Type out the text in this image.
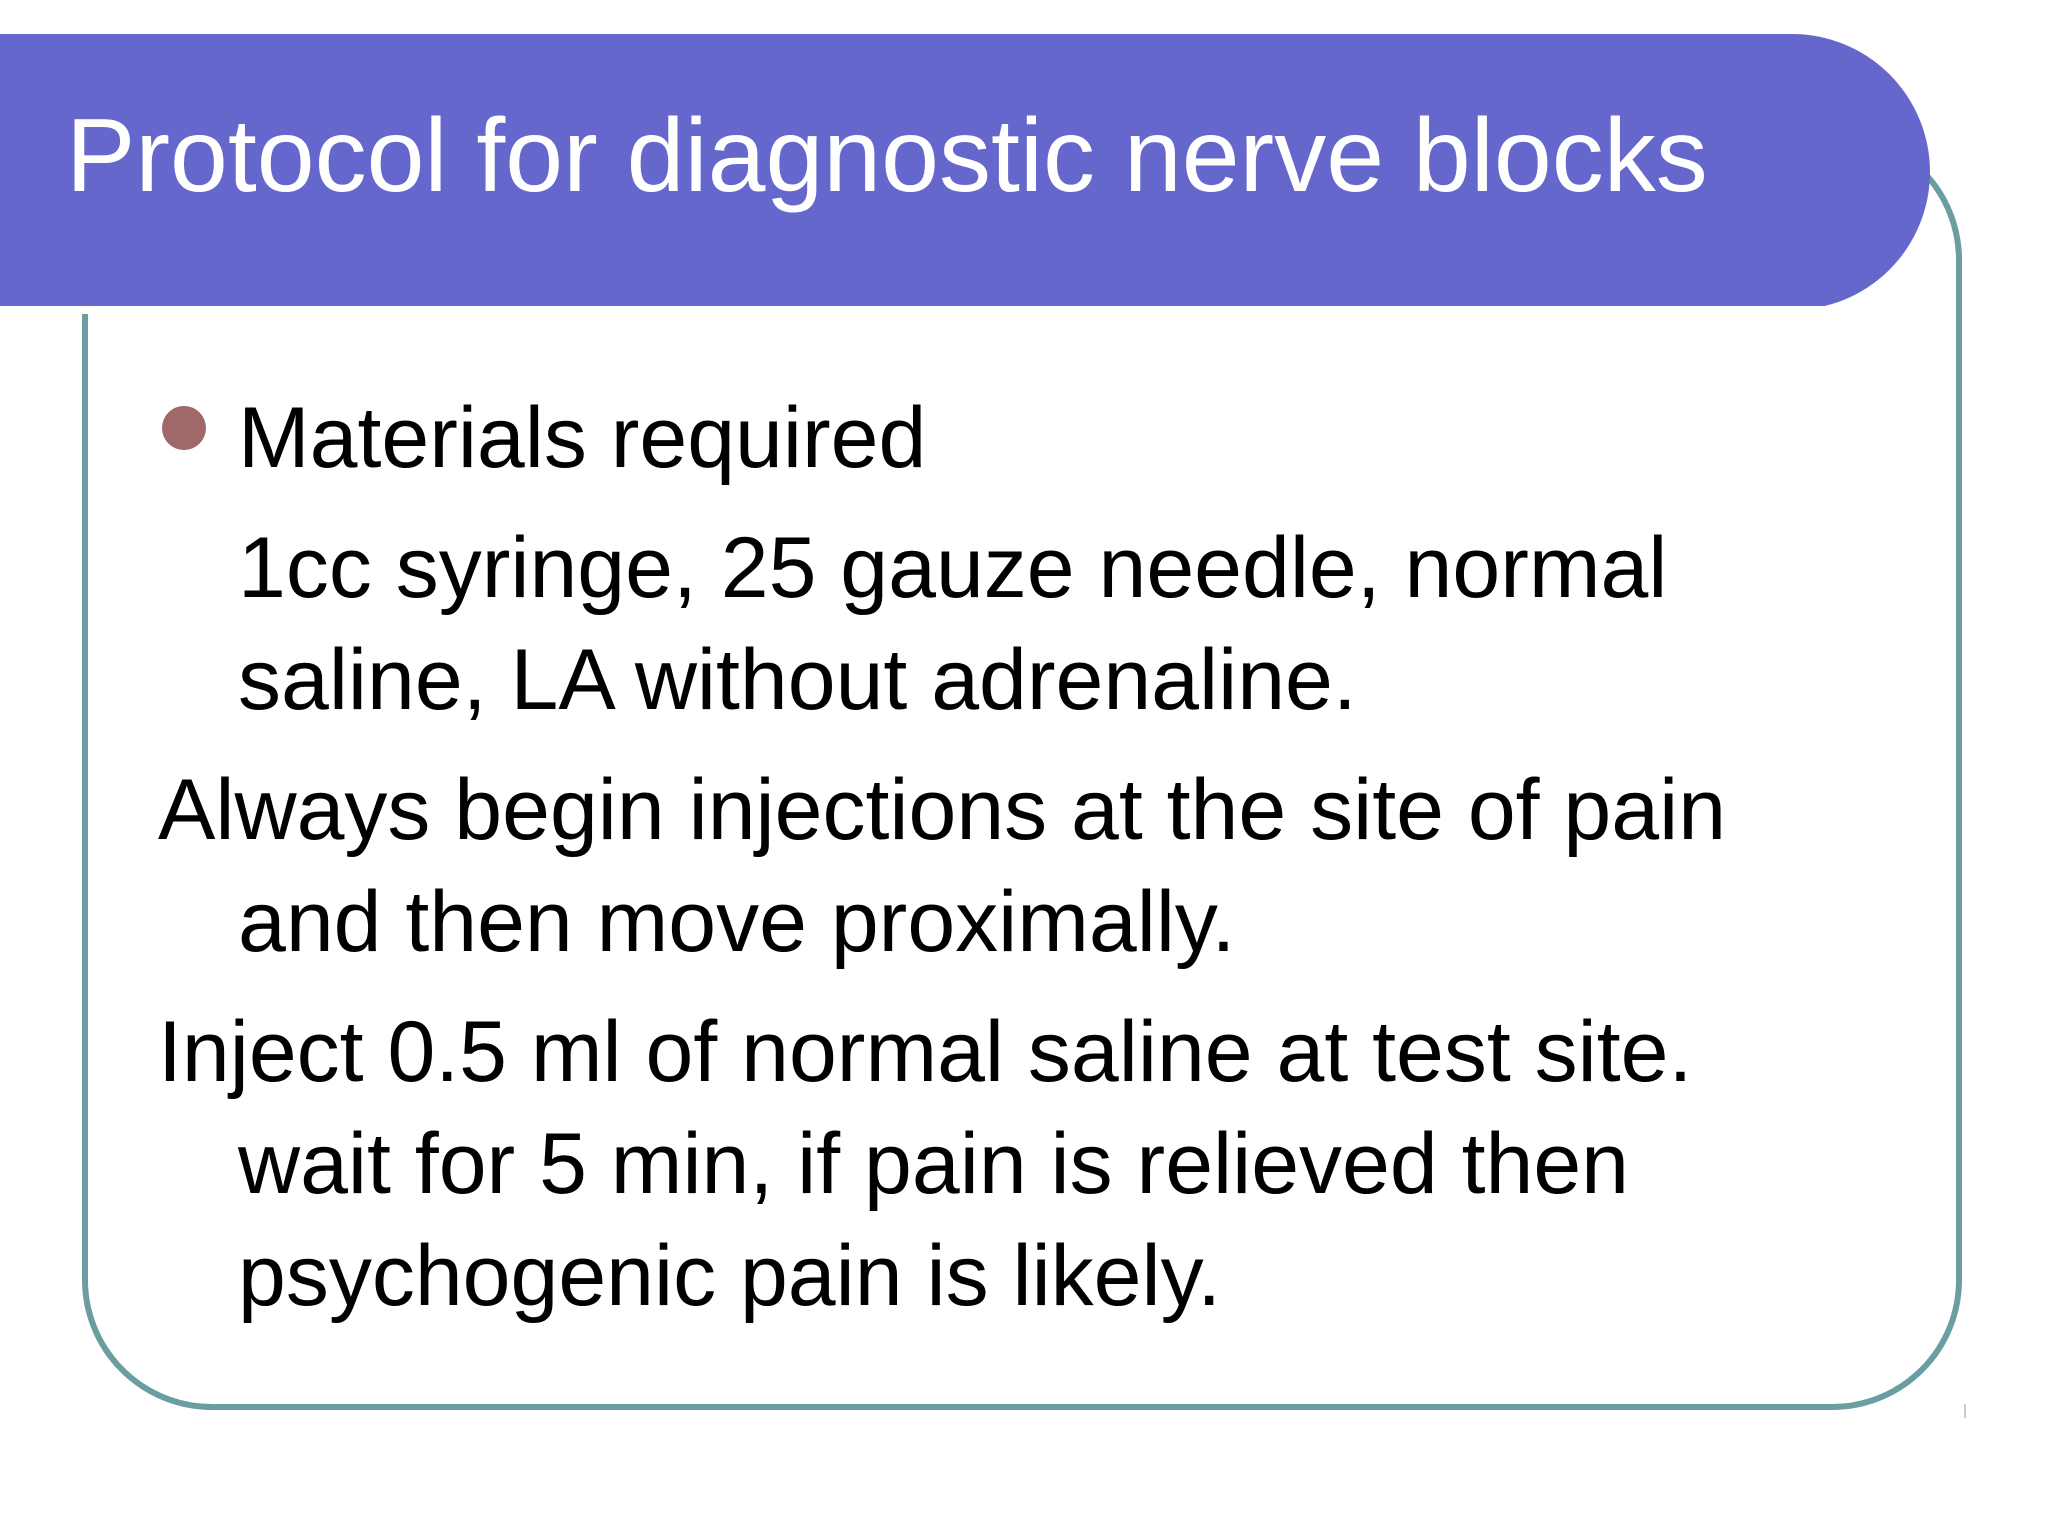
Protocol for diagnostic nerve blocks

Materials required

1cc syringe, 25 gauze needle, normal saline, LA without adrenaline.

Always begin injections at the site of pain and then move proximally.

Inject 0.5 ml of normal saline at test site. wait for 5 min, if pain is relieved then psychogenic pain is likely.
